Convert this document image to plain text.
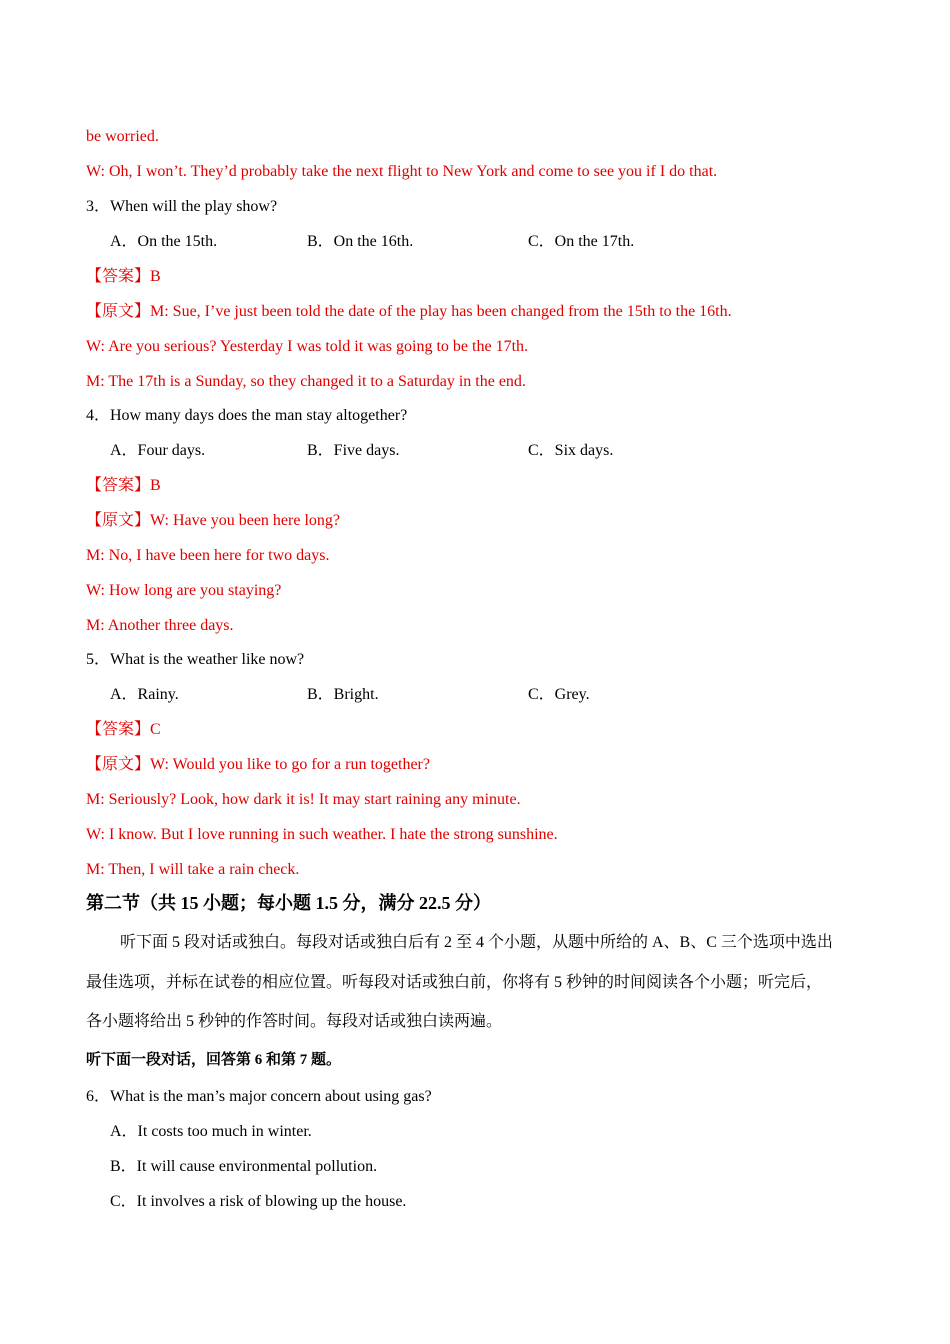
be worried.
W: Oh, I won’t. They’d probably take the next flight to New York and come to see you if I do that.
3．When will the play show?
A．On the 15th.	B．On the 16th.	C．On the 17th.
【答案】B
【原文】M: Sue, I’ve just been told the date of the play has been changed from the 15th to the 16th.
W: Are you serious? Yesterday I was told it was going to be the 17th.
M: The 17th is a Sunday, so they changed it to a Saturday in the end.
4．How many days does the man stay altogether?
A．Four days.	B．Five days.	C．Six days.
【答案】B
【原文】W: Have you been here long?
M: No, I have been here for two days.
W: How long are you staying?
M: Another three days.
5．What is the weather like now?
A．Rainy.	B．Bright.	C．Grey.
【答案】C
【原文】W: Would you like to go for a run together?
M: Seriously? Look, how dark it is! It may start raining any minute.
W: I know. But I love running in such weather. I hate the strong sunshine.
M: Then, I will take a rain check.
第二节（共 15 小题；每小题 1.5 分，满分 22.5 分）
听下面 5 段对话或独白。每段对话或独白后有 2 至 4 个小题，从题中所给的 A、B、C 三个选项中选出
最佳选项，并标在试卷的相应位置。听每段对话或独白前，你将有 5 秒钟的时间阅读各个小题；听完后，
各小题将给出 5 秒钟的作答时间。每段对话或独白读两遍。
听下面一段对话，回答第 6 和第 7 题。
6．What is the man’s major concern about using gas?
A．It costs too much in winter.
B．It will cause environmental pollution.
C．It involves a risk of blowing up the house.
